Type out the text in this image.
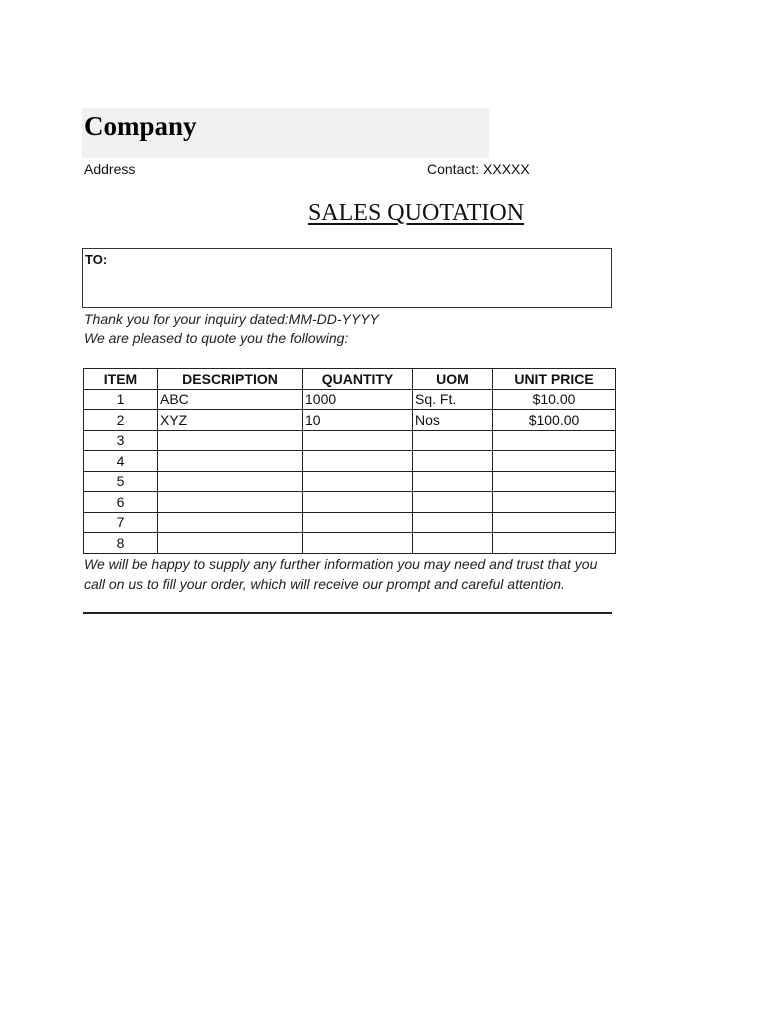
Company
Address	Contact: XXXXX
SALES QUOTATION
TO:
Thank you for your inquiry dated:MM-DD-YYYY
We are pleased to quote you the following:
ITEM	DESCRIPTION	QUANTITY	UOM	UNIT PRICE
1	ABC	1000	Sq. Ft.	$10.00
2	XYZ	10	Nos	$100.00
3				
4				
5				
6				
7				
8				
We will be happy to supply any further information you may need and trust that you
call on us to fill your order, which will receive our prompt and careful attention.
